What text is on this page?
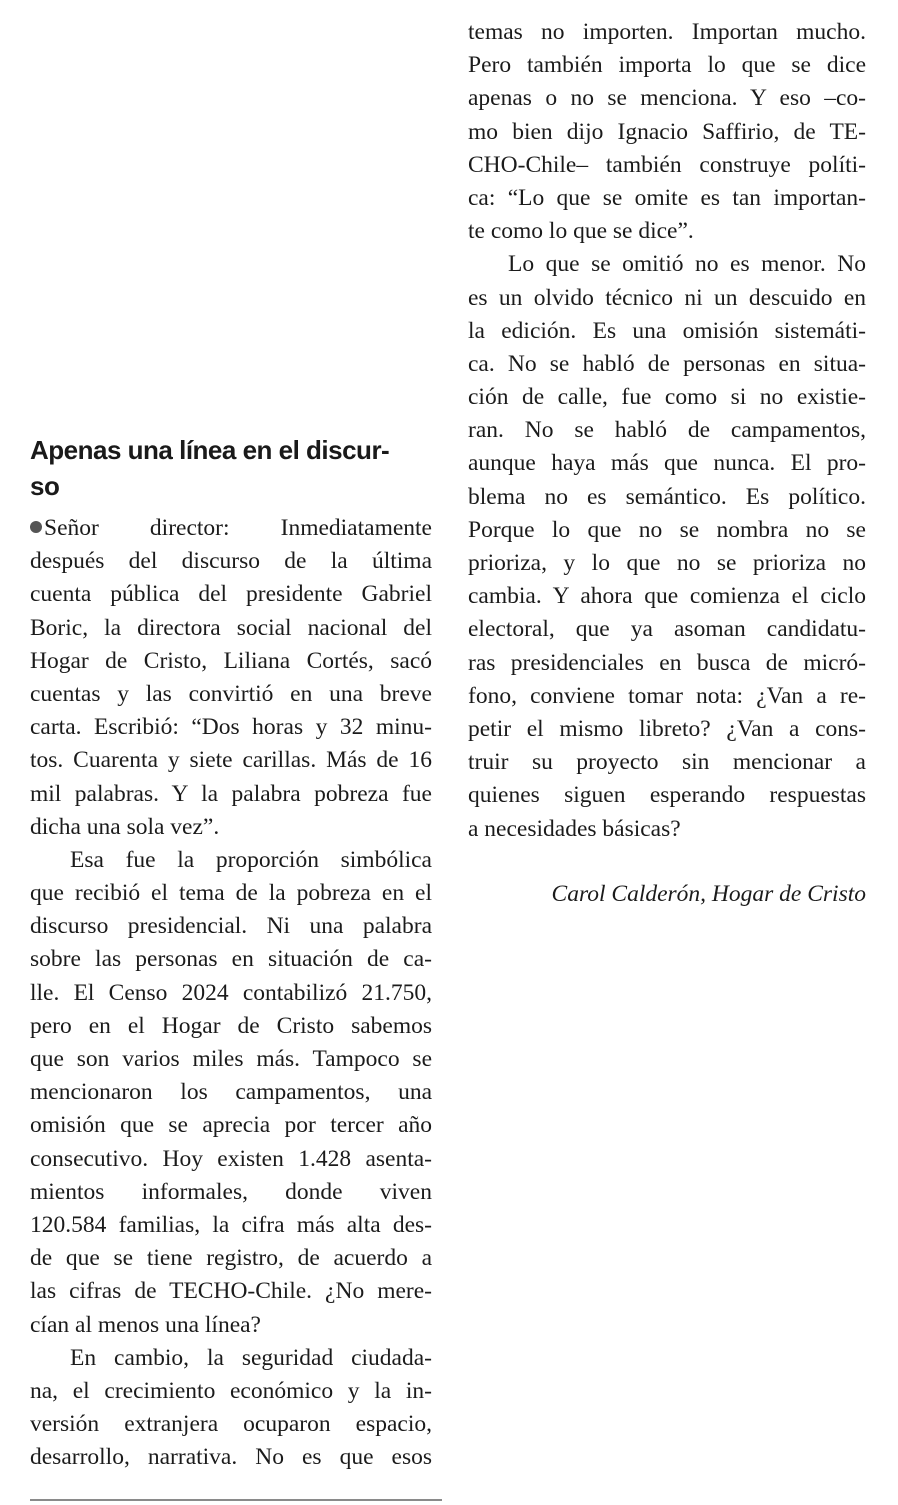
Apenas una línea en el discur-
so
Señor director: Inmediatamente
después del discurso de la última
cuenta pública del presidente Gabriel
Boric, la directora social nacional del
Hogar de Cristo, Liliana Cortés, sacó
cuentas y las convirtió en una breve
carta. Escribió: “Dos horas y 32 minu-
tos. Cuarenta y siete carillas. Más de 16
mil palabras. Y la palabra pobreza fue
dicha una sola vez”.
Esa fue la proporción simbólica
que recibió el tema de la pobreza en el
discurso presidencial. Ni una palabra
sobre las personas en situación de ca-
lle. El Censo 2024 contabilizó 21.750,
pero en el Hogar de Cristo sabemos
que son varios miles más. Tampoco se
mencionaron los campamentos, una
omisión que se aprecia por tercer año
consecutivo. Hoy existen 1.428 asenta-
mientos informales, donde viven
120.584 familias, la cifra más alta des-
de que se tiene registro, de acuerdo a
las cifras de TECHO-Chile. ¿No mere-
cían al menos una línea?
En cambio, la seguridad ciudada-
na, el crecimiento económico y la in-
versión extranjera ocuparon espacio,
desarrollo, narrativa. No es que esos
temas no importen. Importan mucho.
Pero también importa lo que se dice
apenas o no se menciona. Y eso –co-
mo bien dijo Ignacio Saffirio, de TE-
CHO-Chile– también construye políti-
ca: “Lo que se omite es tan importan-
te como lo que se dice”.
Lo que se omitió no es menor. No
es un olvido técnico ni un descuido en
la edición. Es una omisión sistemáti-
ca. No se habló de personas en situa-
ción de calle, fue como si no existie-
ran. No se habló de campamentos,
aunque haya más que nunca. El pro-
blema no es semántico. Es político.
Porque lo que no se nombra no se
prioriza, y lo que no se prioriza no
cambia. Y ahora que comienza el ciclo
electoral, que ya asoman candidatu-
ras presidenciales en busca de micró-
fono, conviene tomar nota: ¿Van a re-
petir el mismo libreto? ¿Van a cons-
truir su proyecto sin mencionar a
quienes siguen esperando respuestas
a necesidades básicas?
Carol Calderón, Hogar de Cristo
